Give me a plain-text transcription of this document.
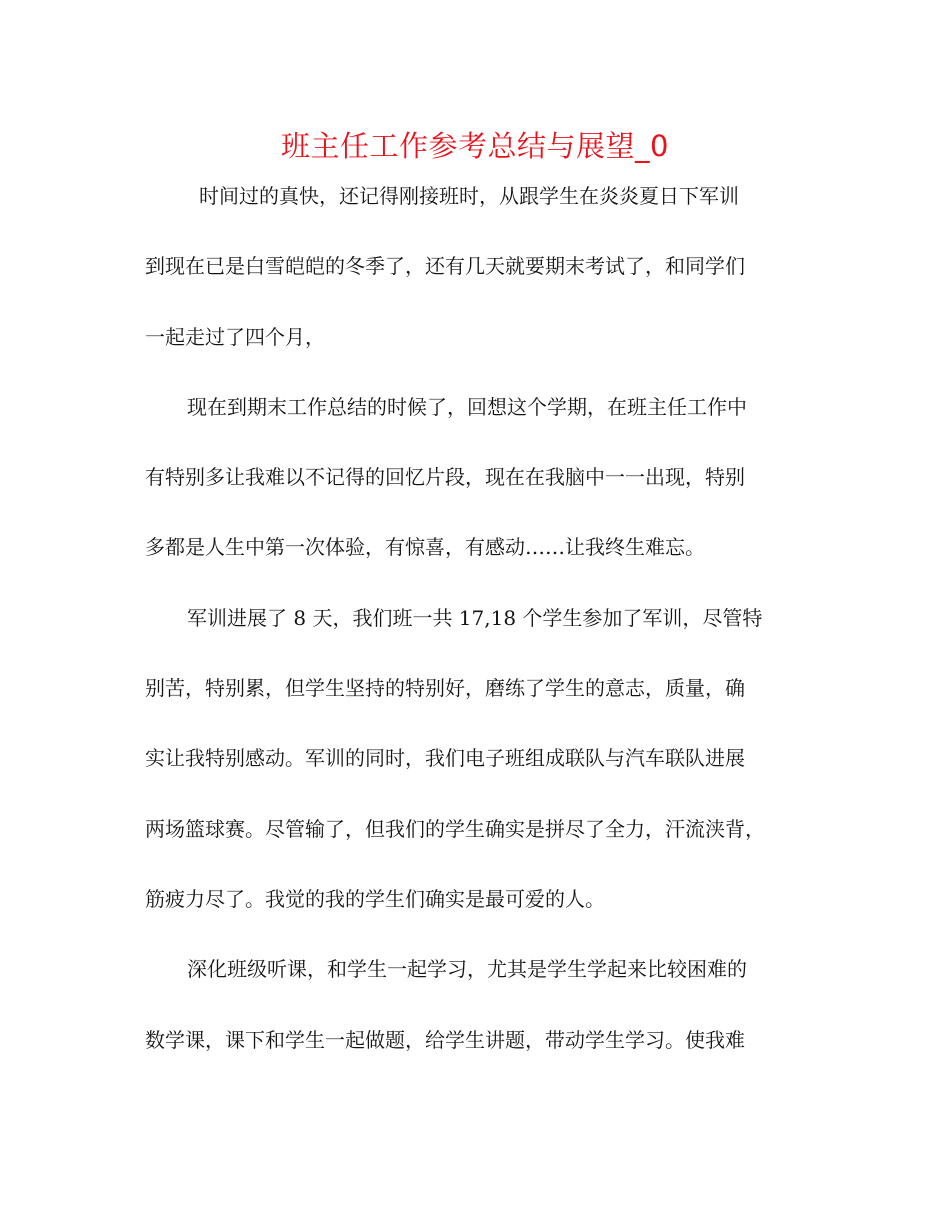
班主任工作参考总结与展望_0
时间过的真快，还记得刚接班时，从跟学生在炎炎夏日下军训
到现在已是白雪皑皑的冬季了，还有几天就要期末考试了，和同学们
一起走过了四个月，
现在到期末工作总结的时候了，回想这个学期，在班主任工作中
有特别多让我难以不记得的回忆片段，现在在我脑中一一出现，特别
多都是人生中第一次体验，有惊喜，有感动……让我终生难忘。
军训进展了 8 天，我们班一共 17,18 个学生参加了军训，尽管特
别苦，特别累，但学生坚持的特别好，磨练了学生的意志，质量，确
实让我特别感动。军训的同时，我们电子班组成联队与汽车联队进展
两场篮球赛。尽管输了，但我们的学生确实是拼尽了全力，汗流浃背，
筋疲力尽了。我觉的我的学生们确实是最可爱的人。
深化班级听课，和学生一起学习，尤其是学生学起来比较困难的
数学课，课下和学生一起做题，给学生讲题，带动学生学习。使我难
